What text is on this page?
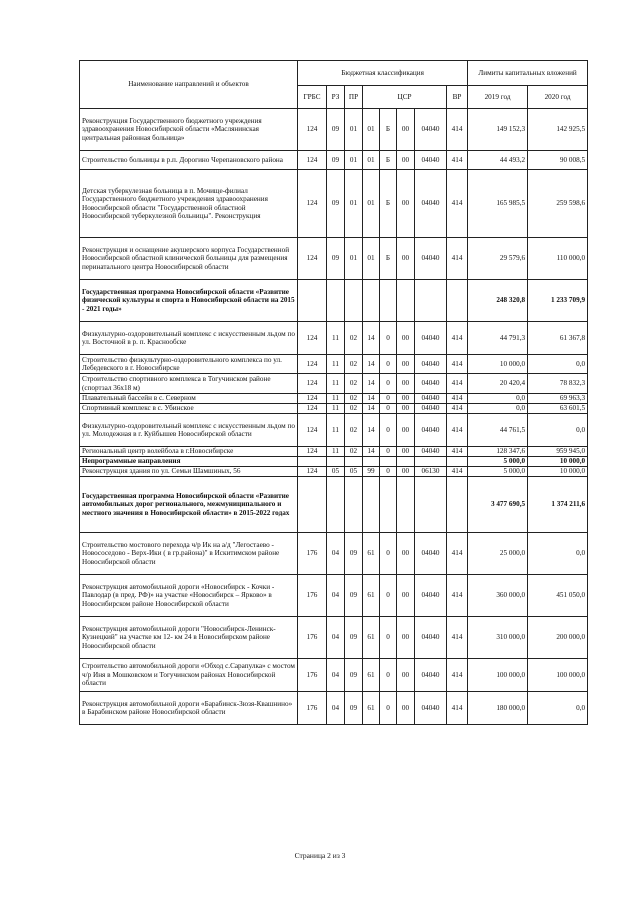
Наименование направлений и объектов	Бюджетная классификация								Лимиты капитальных вложений	
	ГРБС	РЗ	ПР	ЦСР				ВР	2019 год	2020 год
Реконструкция Государственного бюджетного учреждения здравоохранения Новосибирской области «Маслянинская центральная районная больница»	124	09	01	01	Б	00	04040	414	149 152,3	142 925,5
Строительство больницы в р.п. Дорогино Черепановского района	124	09	01	01	Б	00	04040	414	44 493,2	90 008,5
Детская туберкулезная больница в п. Мочище-филиал Государственного бюджетного учреждения здравоохранения Новосибирской области "Государственной областной Новосибирской туберкулезной больницы". Реконструкция	124	09	01	01	Б	00	04040	414	165 985,5	259 598,6
Реконструкция и оснащение акушерского корпуса Государственной Новосибирской областной клинической больницы для размещения перинатального центра Новосибирской области	124	09	01	01	Б	00	04040	414	29 579,6	110 000,0
Государственная программа Новосибирской области «Развитие физической культуры и спорта в Новосибирской области на 2015 - 2021 годы»									248 320,8	1 233 709,9
Физкультурно-оздоровительный комплекс с искусственным льдом по ул. Восточной в р. п. Краснообске	124	11	02	14	0	00	04040	414	44 791,3	61 367,8
Строительство физкультурно-оздоровительного комплекса по ул. Лебедевского в г. Новосибирске	124	11	02	14	0	00	04040	414	10 000,0	0,0
Строительство спортивного комплекса в Тогучинском районе (спортзал 36х18 м)	124	11	02	14	0	00	04040	414	20 420,4	78 832,3
Плавательный бассейн в с. Северном	124	11	02	14	0	00	04040	414	0,0	69 963,3
Спортивный комплекс в с. Убинское	124	11	02	14	0	00	04040	414	0,0	63 601,5
Физкультурно-оздоровительный комплекс с искусственным льдом по ул. Молодежная в г. Куйбышев Новосибирской области	124	11	02	14	0	00	04040	414	44 761,5	0,0
Региональный центр волейбола в г.Новосибирске	124	11	02	14	0	00	04040	414	128 347,6	959 945,0
Непрограммные направления									5 000,0	10 000,0
Реконструкция здания по ул. Семьи Шамшиных, 56	124	05	05	99	0	00	06130	414	5 000,0	10 000,0
Государственная программа Новосибирской области «Развитие автомобильных дорог регионального, межмуниципального и местного значения в Новосибирской области» в 2015-2022 годах									3 477 690,5	1 374 211,6
Строительство мостового перехода ч/р Ик на а/д "Легостаево - Новососедово - Верх-Ики ( в гр.района)" в Искитимском районе Новосибирской области	176	04	09	61	0	00	04040	414	25 000,0	0,0
Реконструкция автомобильной дороги «Новосибирск - Кочки - Павлодар (в пред. РФ)» на участке «Новосибирск – Ярково» в Новосибирском районе Новосибирской области	176	04	09	61	0	00	04040	414	360 000,0	451 050,0
Реконструкция автомобильной дороги "Новосибирск-Ленинск-Кузнецкий" на участке км 12- км 24 в Новосибирском районе Новосибирской области	176	04	09	61	0	00	04040	414	310 000,0	200 000,0
Строительство автомобильной дороги «Обход с.Сарапулка» с мостом ч/р Иня в Мошковском и Тогучинском районах Новосибирской области	176	04	09	61	0	00	04040	414	100 000,0	100 000,0
Реконструкция автомобильной дороги «Барабинск-Зюзя-Квашнино» в Барабинском районе Новосибирской области	176	04	09	61	0	00	04040	414	180 000,0	0,0
Страница 2 из 3
